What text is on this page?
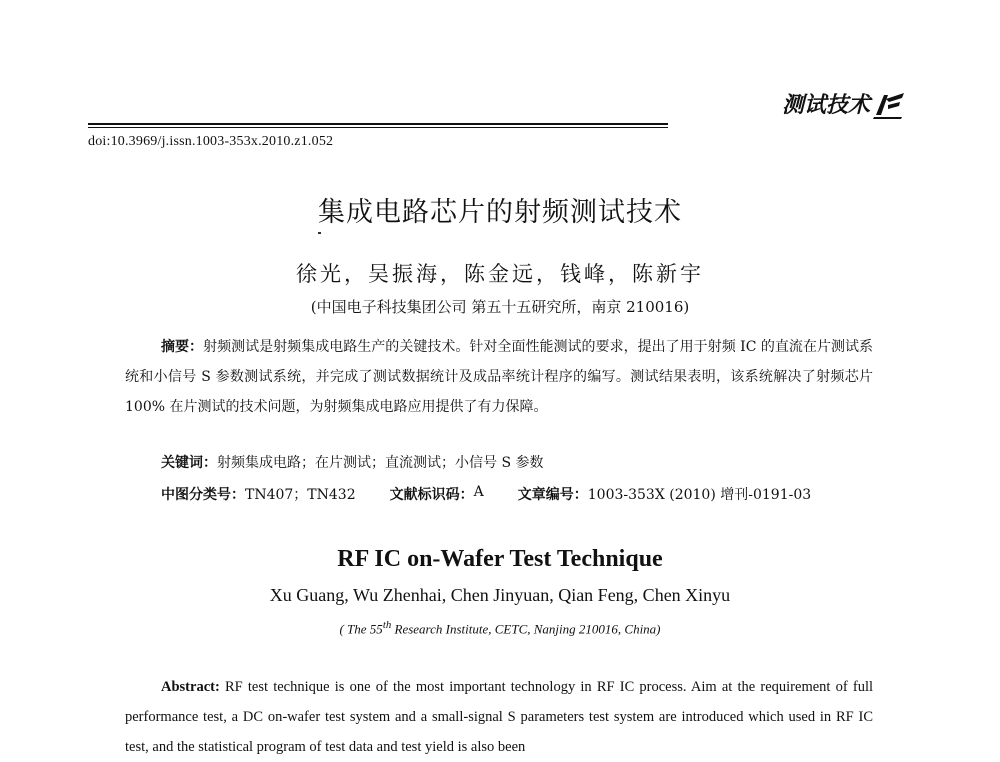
测试技术
doi:10.3969/j.issn.1003-353x.2010.z1.052
集成电路芯片的射频测试技术
徐光，吴振海，陈金远，钱峰，陈新宇
(中国电子科技集团公司 第五十五研究所，南京 210016)
摘要：射频测试是射频集成电路生产的关键技术。针对全面性能测试的要求，提出了用于射频 IC 的直流在片测试系统和小信号 S 参数测试系统，并完成了测试数据统计及成品率统计程序的编写。测试结果表明，该系统解决了射频芯片 100% 在片测试的技术问题，为射频集成电路应用提供了有力保障。
关键词：射频集成电路；在片测试；直流测试；小信号 S 参数
中图分类号： TN407；TN432 文献标识码： A 文章编号： 1003-353X (2010) 增刊-0191-03
RF IC on-Wafer Test Technique
Xu Guang, Wu Zhenhai, Chen Jinyuan, Qian Feng, Chen Xinyu
( The 55th Research Institute, CETC, Nanjing 210016, China)
Abstract: RF test technique is one of the most important technology in RF IC process. Aim at the requirement of full performance test, a DC on-wafer test system and a small-signal S parameters test system are introduced which used in RF IC test, and the statistical program of test data and test yield is also been
